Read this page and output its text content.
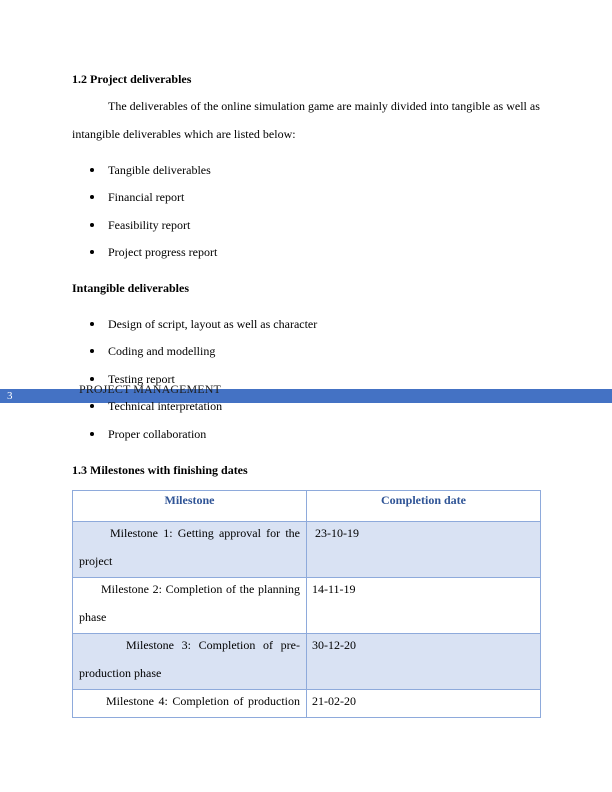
1.2 Project deliverables
The deliverables of the online simulation game are mainly divided into tangible as well as
intangible deliverables which are listed below:
Tangible deliverables
Financial report
Feasibility report
Project progress report
Intangible deliverables
Design of script, layout as well as character
Coding and modelling
Testing report
3	PROJECT MANAGEMENT
Technical interpretation
Proper collaboration
1.3 Milestones with finishing dates
Milestone	Completion date

Milestone 1: Getting approval for the
project	23-10-19

Milestone 2: Completion of the planning
phase	14-11-19

Milestone 3: Completion of pre-
production phase	30-12-20

Milestone 4: Completion of production	21-02-20
